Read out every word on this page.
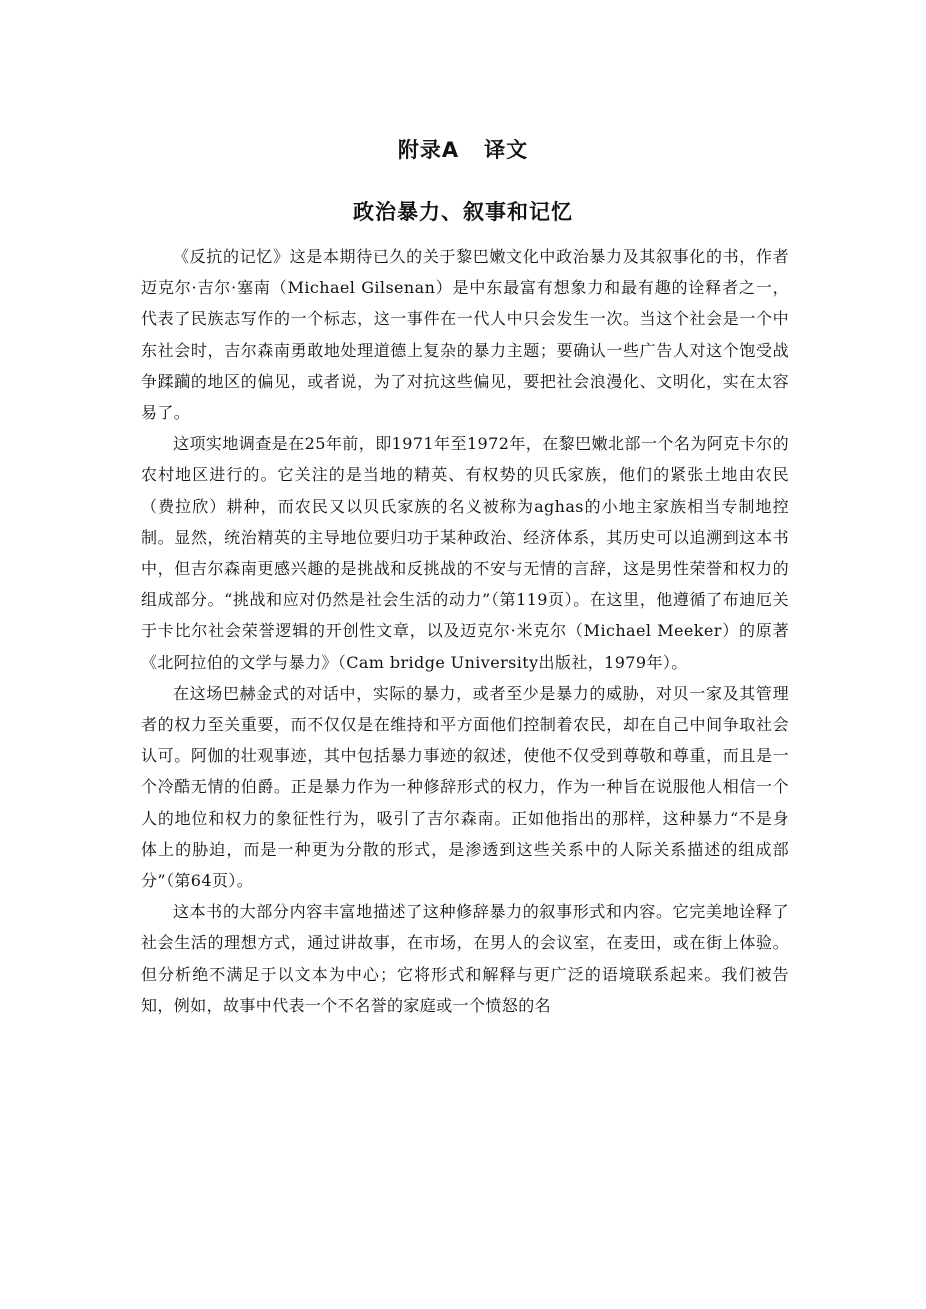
附录A   译文
政治暴力、叙事和记忆

《反抗的记忆》这是本期待已久的关于黎巴嫩文化中政治暴力及其叙事化的书，作者迈克尔·吉尔·塞南（Michael Gilsenan）是中东最富有想象力和最有趣的诠释者之一，代表了民族志写作的一个标志，这一事件在一代人中只会发生一次。当这个社会是一个中东社会时，吉尔森南勇敢地处理道德上复杂的暴力主题；要确认一些广告人对这个饱受战争蹂躏的地区的偏见，或者说，为了对抗这些偏见，要把社会浪漫化、文明化，实在太容易了。

这项实地调查是在25年前，即1971年至1972年，在黎巴嫩北部一个名为阿克卡尔的农村地区进行的。它关注的是当地的精英、有权势的贝氏家族，他们的紧张土地由农民（费拉欣）耕种，而农民又以贝氏家族的名义被称为aghas的小地主家族相当专制地控制。显然，统治精英的主导地位要归功于某种政治、经济体系，其历史可以追溯到这本书中，但吉尔森南更感兴趣的是挑战和反挑战的不安与无情的言辞，这是男性荣誉和权力的组成部分。“挑战和应对仍然是社会生活的动力”（第119页）。在这里，他遵循了布迪厄关于卡比尔社会荣誉逻辑的开创性文章，以及迈克尔·米克尔（Michael Meeker）的原著《北阿拉伯的文学与暴力》（Cam bridge University出版社，1979年）。

在这场巴赫金式的对话中，实际的暴力，或者至少是暴力的威胁，对贝一家及其管理者的权力至关重要，而不仅仅是在维持和平方面他们控制着农民，却在自己中间争取社会认可。阿伽的壮观事迹，其中包括暴力事迹的叙述，使他不仅受到尊敬和尊重，而且是一个冷酷无情的伯爵。正是暴力作为一种修辞形式的权力，作为一种旨在说服他人相信一个人的地位和权力的象征性行为，吸引了吉尔森南。正如他指出的那样，这种暴力“不是身体上的胁迫，而是一种更为分散的形式，是渗透到这些关系中的人际关系描述的组成部分”（第64页）。

这本书的大部分内容丰富地描述了这种修辞暴力的叙事形式和内容。它完美地诠释了社会生活的理想方式，通过讲故事，在市场，在男人的会议室，在麦田，或在街上体验。但分析绝不满足于以文本为中心；它将形式和解释与更广泛的语境联系起来。我们被告知，例如，故事中代表一个不名誉的家庭或一个愤怒的名
